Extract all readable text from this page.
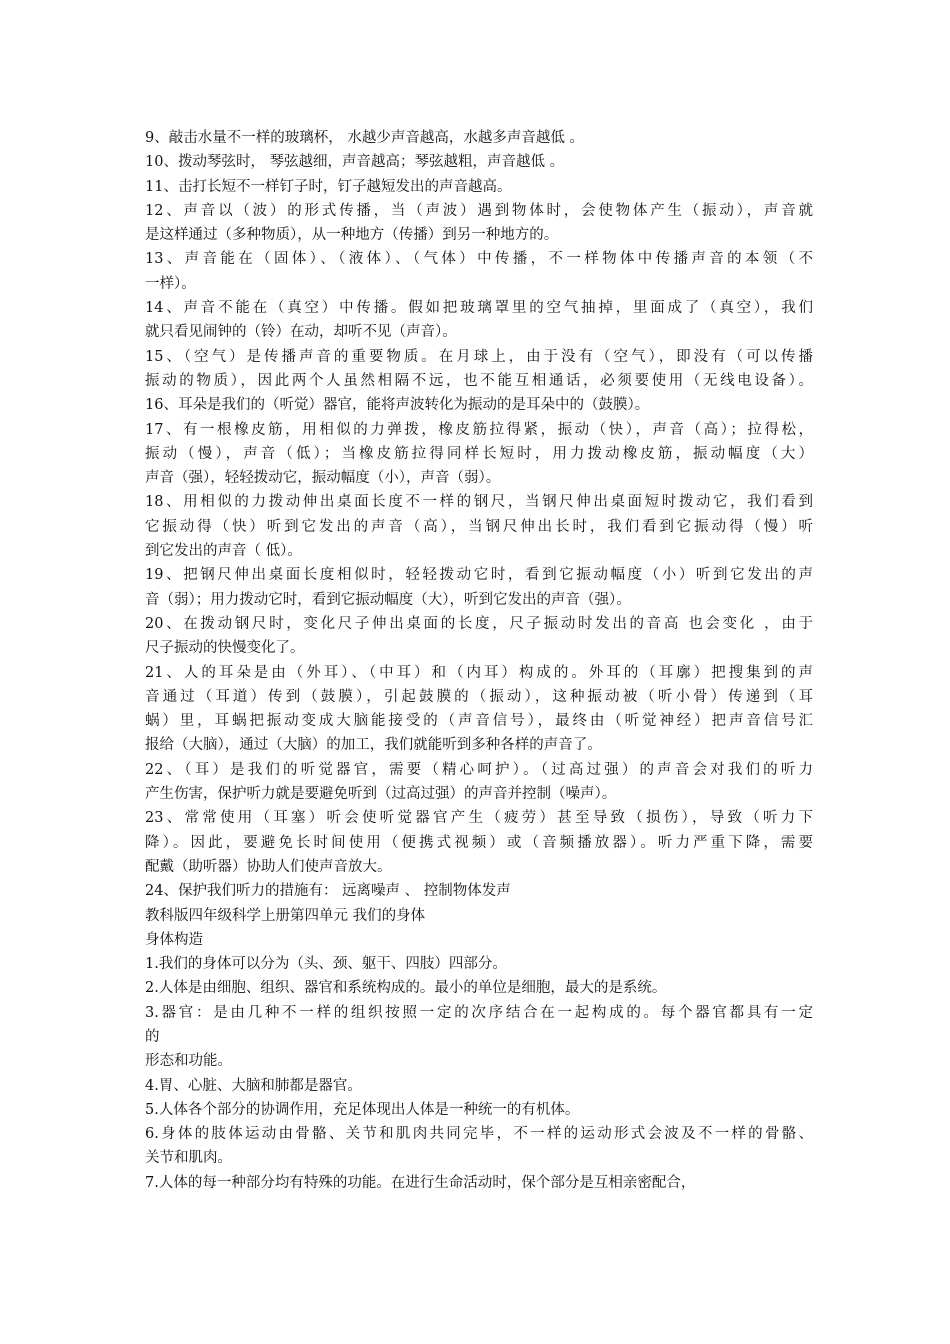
9、敲击水量不一样的玻璃杯， 水越少声音越高，水越多声音越低 。
10、拨动琴弦时， 琴弦越细，声音越高；琴弦越粗，声音越低 。
11、击打长短不一样钉子时，钉子越短发出的声音越高。
12、声音以（波）的形式传播，当（声波）遇到物体时，会使物体产生（振动），声音就
是这样通过（多种物质），从一种地方（传播）到另一种地方的。
13、声音能在（固体）、（液体）、（气体）中传播，不一样物体中传播声音的本领（不
一样）。
14、声音不能在（真空）中传播。假如把玻璃罩里的空气抽掉，里面成了（真空），我们
就只看见闹钟的（铃）在动，却听不见（声音）。
15、（空气）是传播声音的重要物质。在月球上，由于没有（空气），即没有（可以传播
振动的物质），因此两个人虽然相隔不远，也不能互相通话，必须要使用（无线电设备）。
16、耳朵是我们的（听觉）器官，能将声波转化为振动的是耳朵中的（鼓膜）。
17、有一根橡皮筋，用相似的力弹拨，橡皮筋拉得紧，振动（快），声音（高）；拉得松，
振动（慢），声音（低）；当橡皮筋拉得同样长短时，用力拨动橡皮筋，振动幅度（大）
声音（强），轻轻拨动它，振动幅度（小），声音（弱）。
18、用相似的力拨动伸出桌面长度不一样的钢尺，当钢尺伸出桌面短时拨动它，我们看到
它振动得（快）听到它发出的声音（高），当钢尺伸出长时，我们看到它振动得（慢）听
到它发出的声音（ 低）。
19、把钢尺伸出桌面长度相似时，轻轻拨动它时，看到它振动幅度（小）听到它发出的声
音（弱）；用力拨动它时，看到它振动幅度（大），听到它发出的声音（强）。
20、在拨动钢尺时，变化尺子伸出桌面的长度，尺子振动时发出的音高 也会变化 ，由于
尺子振动的快慢变化了。
21、人的耳朵是由（外耳）、（中耳）和（内耳）构成的。外耳的（耳廓）把搜集到的声
音通过（耳道）传到（鼓膜），引起鼓膜的（振动），这种振动被（听小骨）传递到（耳
蜗）里，耳蜗把振动变成大脑能接受的（声音信号），最终由（听觉神经）把声音信号汇
报给（大脑），通过（大脑）的加工，我们就能听到多种各样的声音了。
22、（耳）是我们的听觉器官，需要（精心呵护）。（过高过强）的声音会对我们的听力
产生伤害，保护听力就是要避免听到（过高过强）的声音并控制（噪声）。
23、常常使用（耳塞）听会使听觉器官产生（疲劳）甚至导致（损伤），导致（听力下
降）。因此，要避免长时间使用（便携式视频）或（音频播放器）。听力严重下降，需要
配戴（助听器）协助人们使声音放大。
24、保护我们听力的措施有： 远离噪声 、 控制物体发声
教科版四年级科学上册第四单元 我们的身体
身体构造
1.我们的身体可以分为（头、颈、躯干、四肢）四部分。
2.人体是由细胞、组织、器官和系统构成的。最小的单位是细胞，最大的是系统。
3.器官：是由几种不一样的组织按照一定的次序结合在一起构成的。每个器官都具有一定
的
形态和功能。
4.胃、心脏、大脑和肺都是器官。
5.人体各个部分的协调作用，充足体现出人体是一种统一的有机体。
6.身体的肢体运动由骨骼、关节和肌肉共同完毕，不一样的运动形式会波及不一样的骨骼、
关节和肌肉。
7.人体的每一种部分均有特殊的功能。在进行生命活动时，保个部分是互相亲密配合，
